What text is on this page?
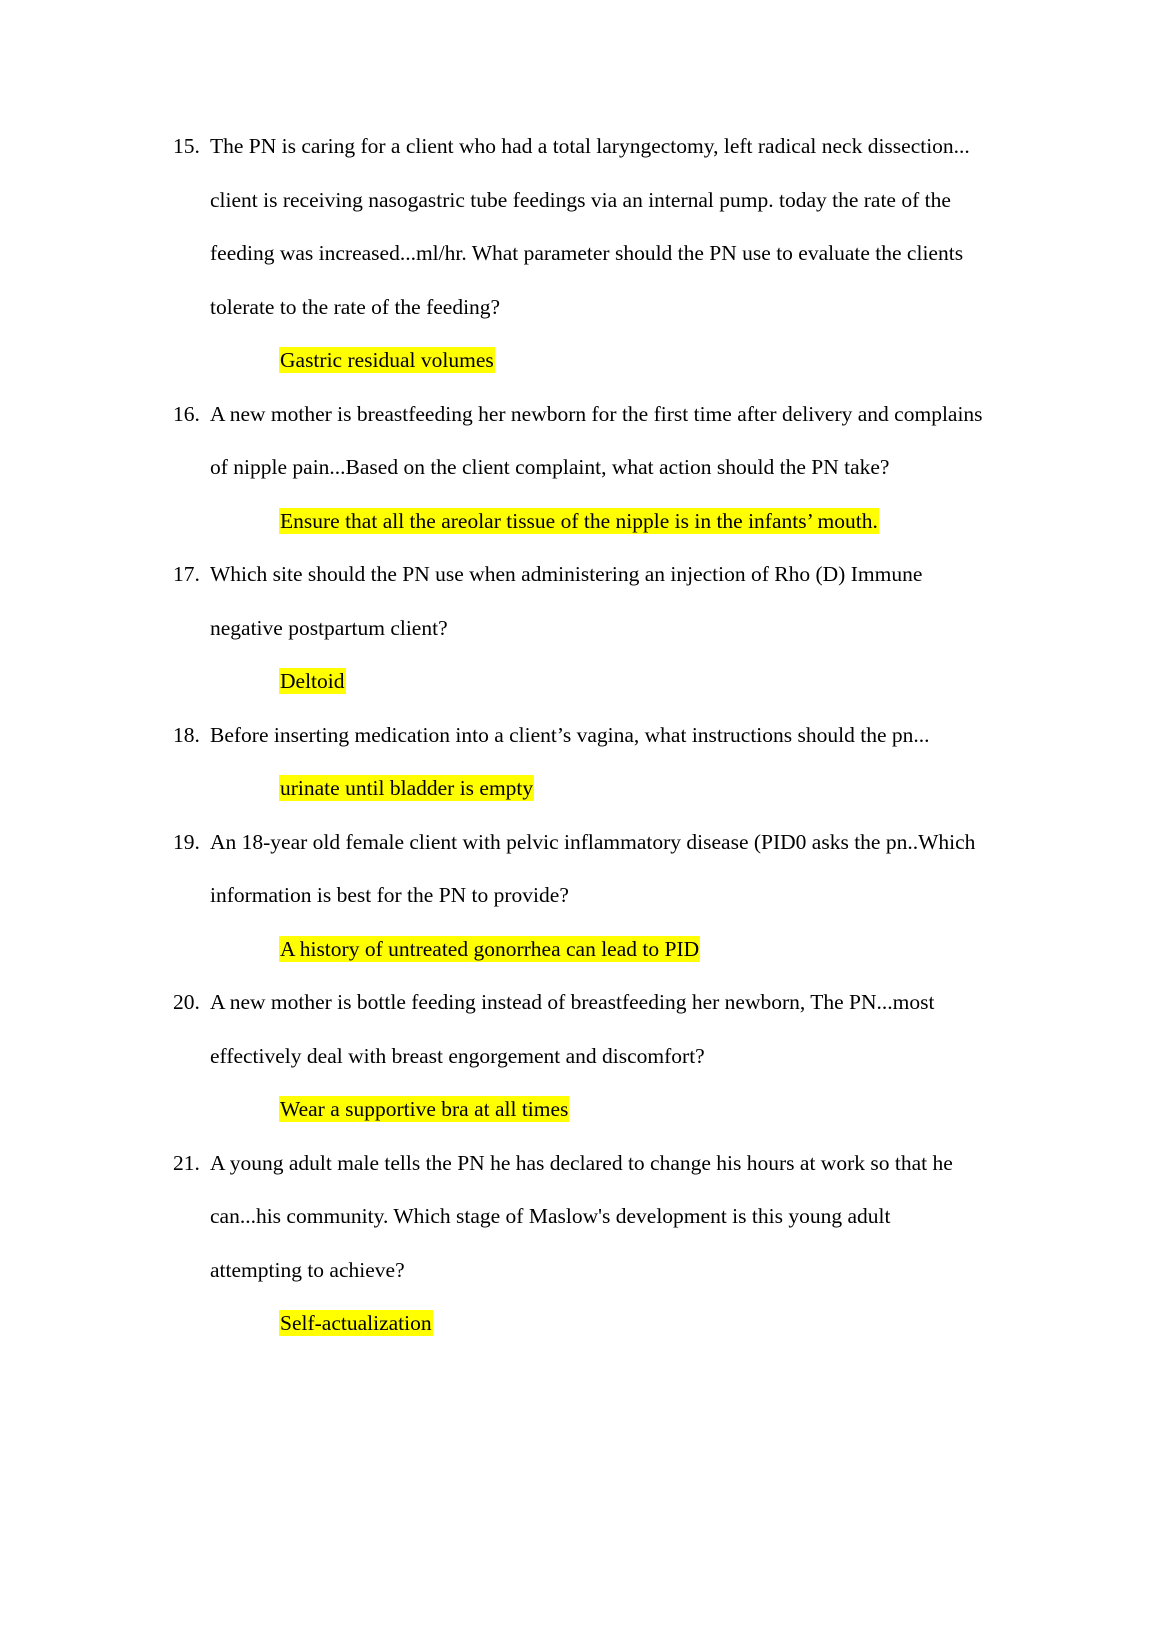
15. The PN is caring for a client who had a total laryngectomy, left radical neck dissection...
client is receiving nasogastric tube feedings via an internal pump. today the rate of the
feeding was increased...ml/hr. What parameter should the PN use to evaluate the clients
tolerate to the rate of the feeding?
Gastric residual volumes
16. A new mother is breastfeeding her newborn for the first time after delivery and complains
of nipple pain...Based on the client complaint, what action should the PN take?
Ensure that all the areolar tissue of the nipple is in the infants’ mouth.
17. Which site should the PN use when administering an injection of Rho (D) Immune
negative postpartum client?
Deltoid
18. Before inserting medication into a client’s vagina, what instructions should the pn...
urinate until bladder is empty
19. An 18-year old female client with pelvic inflammatory disease (PID0 asks the pn..Which
information is best for the PN to provide?
A history of untreated gonorrhea can lead to PID
20. A new mother is bottle feeding instead of breastfeeding her newborn, The PN...most
effectively deal with breast engorgement and discomfort?
Wear a supportive bra at all times
21. A young adult male tells the PN he has declared to change his hours at work so that he
can...his community. Which stage of Maslow's development is this young adult
attempting to achieve?
Self-actualization
